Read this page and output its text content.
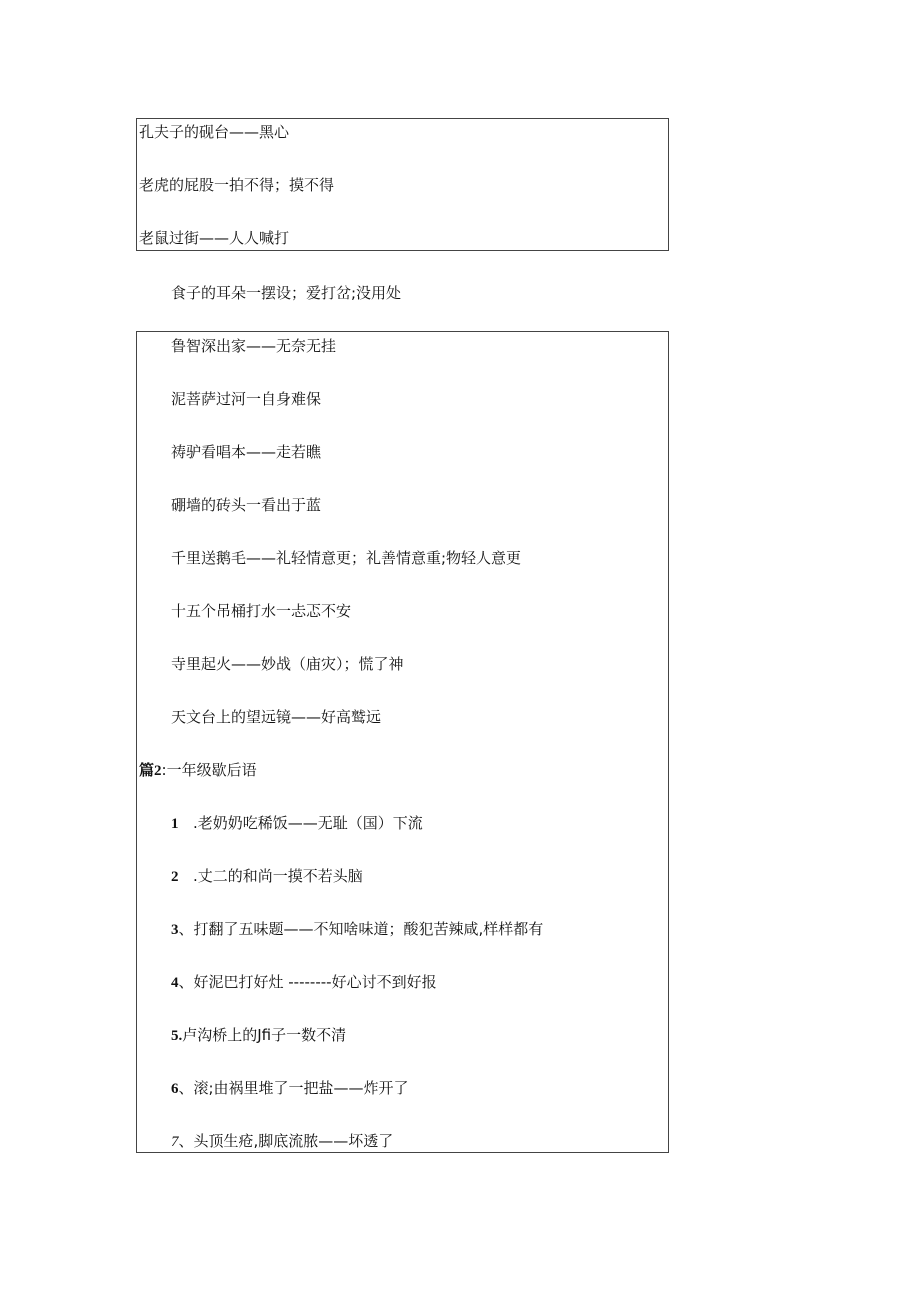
孔夫子的砚台——黑心
老虎的屁股一拍不得；摸不得
老鼠过街——人人喊打
食子的耳朵一摆设；爱打岔;没用处
鲁智深出家——无奈无挂
泥菩萨过河一自身难保
祷驴看唱本——走若瞧
硼墙的砖头一看出于蓝
千里送鹅毛——礼轻情意更；礼善情意重;物轻人意更
十五个吊桶打水一忐忑不安
寺里起火——妙战（庙灾）；慌了神
天文台上的望远镜——好高鹫远
篇2:一年级歇后语
1 .老奶奶吃稀饭——无耻（国）下流
2 .丈二的和尚一摸不若头脑
3、打翻了五味题——不知啥味道；酸犯苦辣咸,样样都有
4、好泥巴打好灶 --------好心讨不到好报
5.卢沟桥上的Jfi子一数不清
6、滚;由祸里堆了一把盐——炸开了
7、头顶生疮,脚底流脓——坏透了
